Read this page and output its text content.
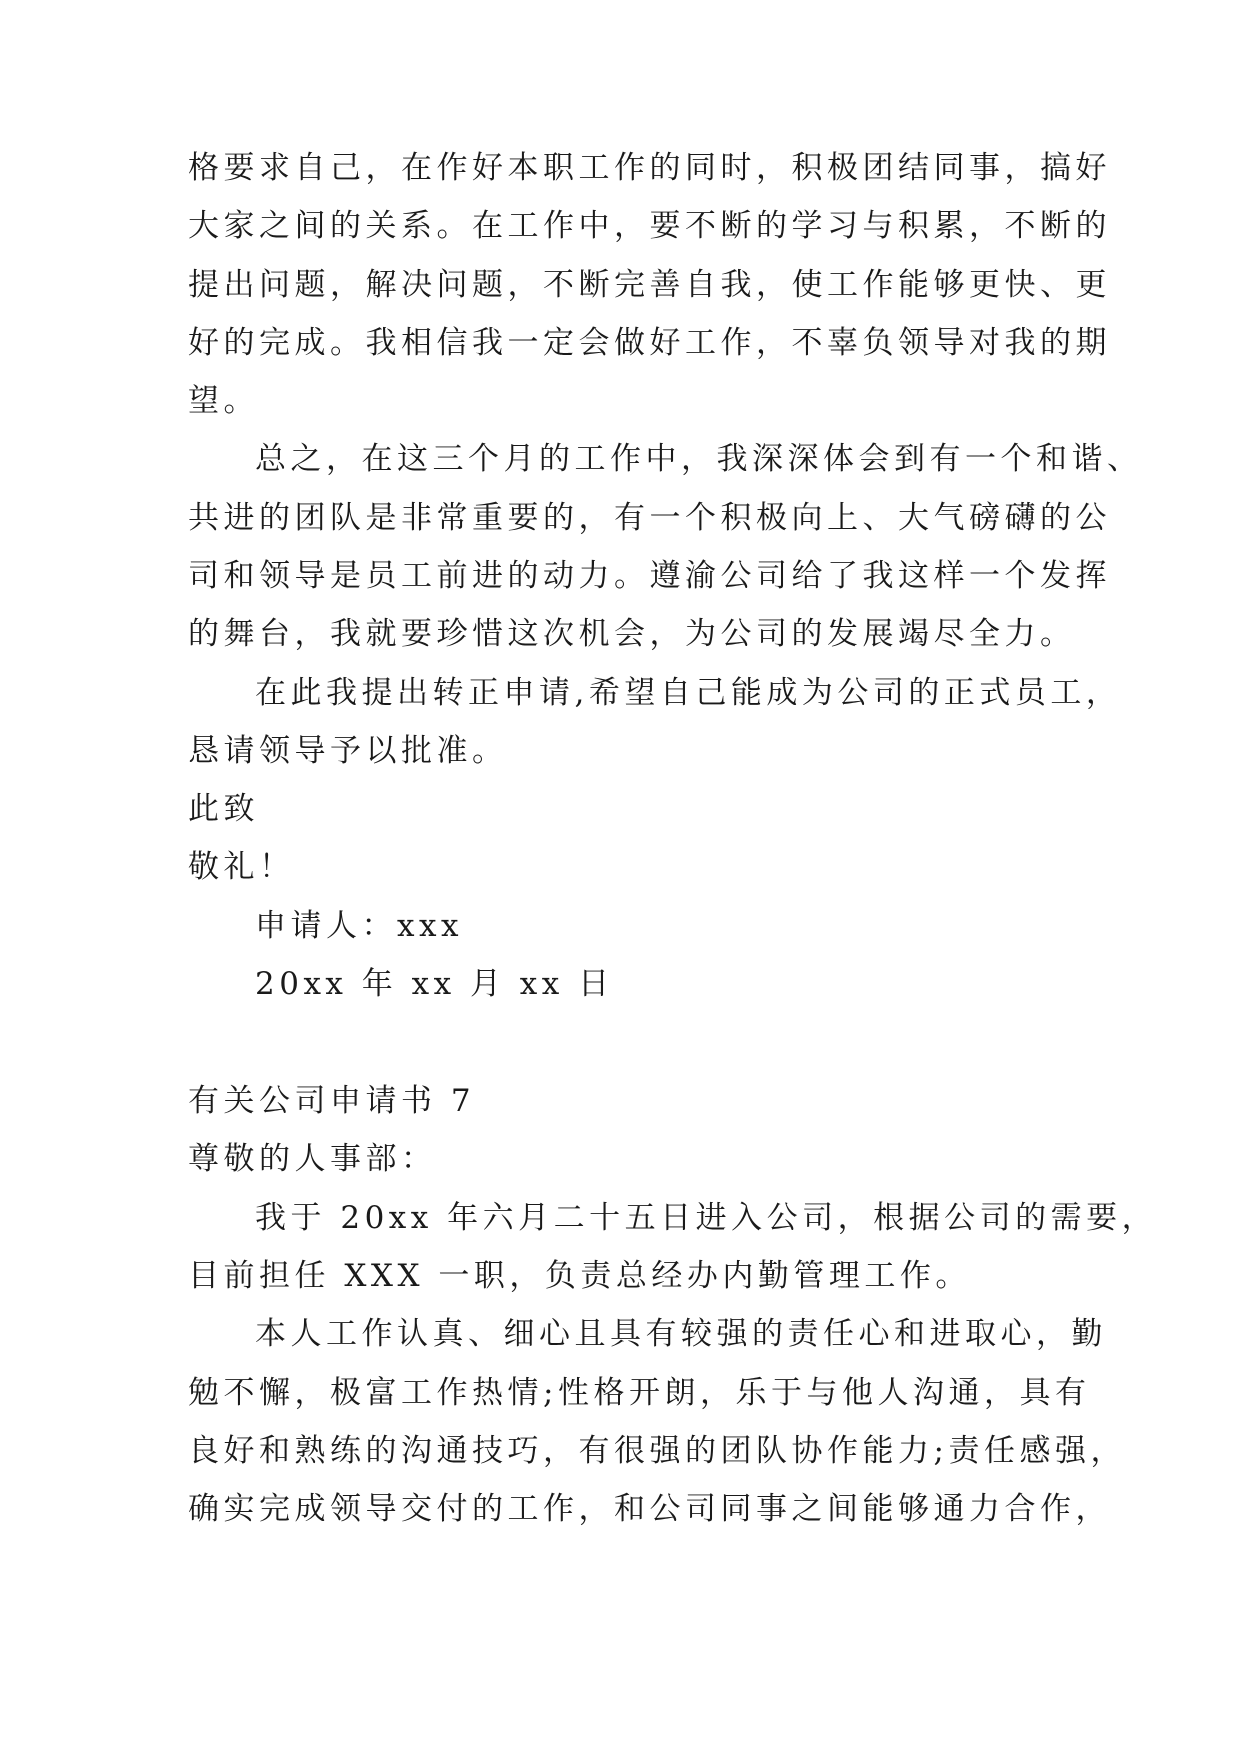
格要求自己，在作好本职工作的同时，积极团结同事，搞好
大家之间的关系。在工作中，要不断的学习与积累，不断的
提出问题，解决问题，不断完善自我，使工作能够更快、更
好的完成。我相信我一定会做好工作，不辜负领导对我的期
望。
总之，在这三个月的工作中，我深深体会到有一个和谐、
共进的团队是非常重要的，有一个积极向上、大气磅礴的公
司和领导是员工前进的动力。遵渝公司给了我这样一个发挥
的舞台，我就要珍惜这次机会，为公司的发展竭尽全力。
在此我提出转正申请,希望自己能成为公司的正式员工，
恳请领导予以批准。
此致
敬礼！
申请人：xxx
20xx 年 xx 月 xx 日
有关公司申请书 7
尊敬的人事部：
我于 20xx 年六月二十五日进入公司，根据公司的需要，
目前担任 XXX 一职，负责总经办内勤管理工作。
本人工作认真、细心且具有较强的责任心和进取心，勤
勉不懈，极富工作热情;性格开朗，乐于与他人沟通，具有
良好和熟练的沟通技巧，有很强的团队协作能力;责任感强，
确实完成领导交付的工作，和公司同事之间能够通力合作，
